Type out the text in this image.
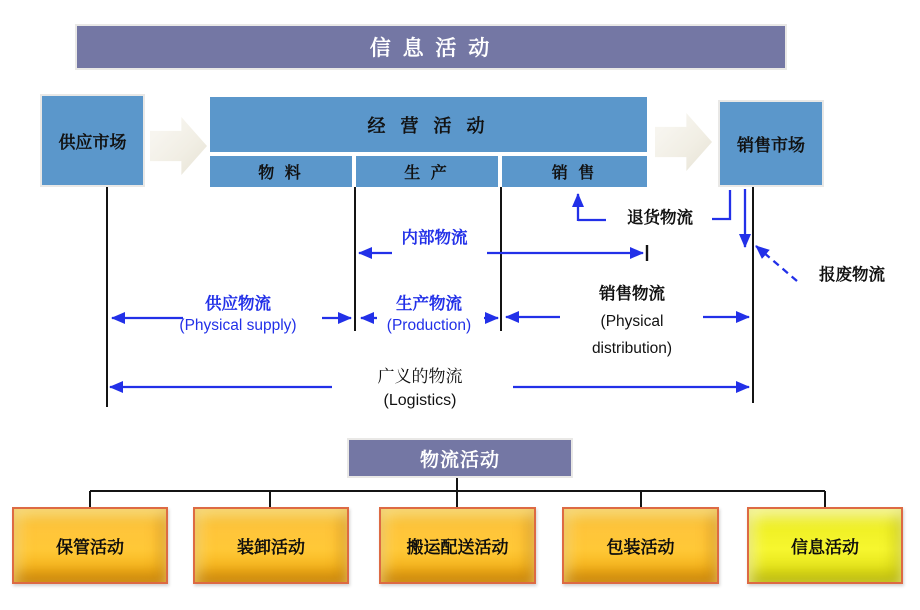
信 息 活 动
供应市场
经 营 活 动
物 料	生 产	销 售
销售市场
退货物流
内部物流
供应物流
(Physical supply)
生产物流
(Production)
销售物流
(Physical
distribution)
报废物流
广义的物流
(Logistics)
物流活动
保管活动	装卸活动	搬运配送活动	包装活动	信息活动
